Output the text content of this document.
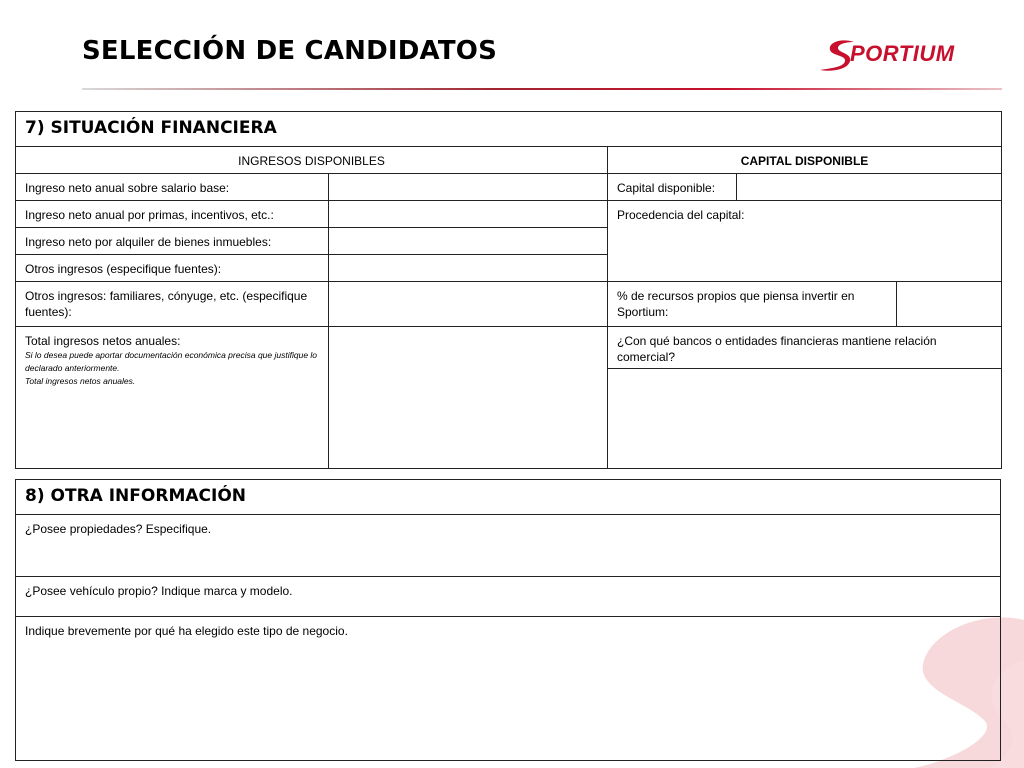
SELECCIÓN DE CANDIDATOS	PORTIUM
7) SITUACIÓN FINANCIERA				
INGRESOS DISPONIBLES		CAPITAL DISPONIBLE		
Ingreso neto anual sobre salario base:		Capital disponible:		
Ingreso neto anual por primas, incentivos, etc.:		Procedencia del capital:		
Ingreso neto por alquiler de bienes inmuebles:				
Otros ingresos (especifique fuentes):				
Otros ingresos: familiares, cónyuge, etc. (especifique fuentes):		% de recursos propios que piensa invertir en Sportium:		
Total ingresos netos anuales:
Si lo desea puede aportar documentación económica precisa que justifique lo declarado anteriormente.
Total ingresos netos anuales.		¿Con qué bancos o entidades financieras mantiene relación comercial?		

8) OTRA INFORMACIÓN
¿Posee propiedades? Especifique.
¿Posee vehículo propio? Indique marca y modelo.
Indique brevemente por qué ha elegido este tipo de negocio.
